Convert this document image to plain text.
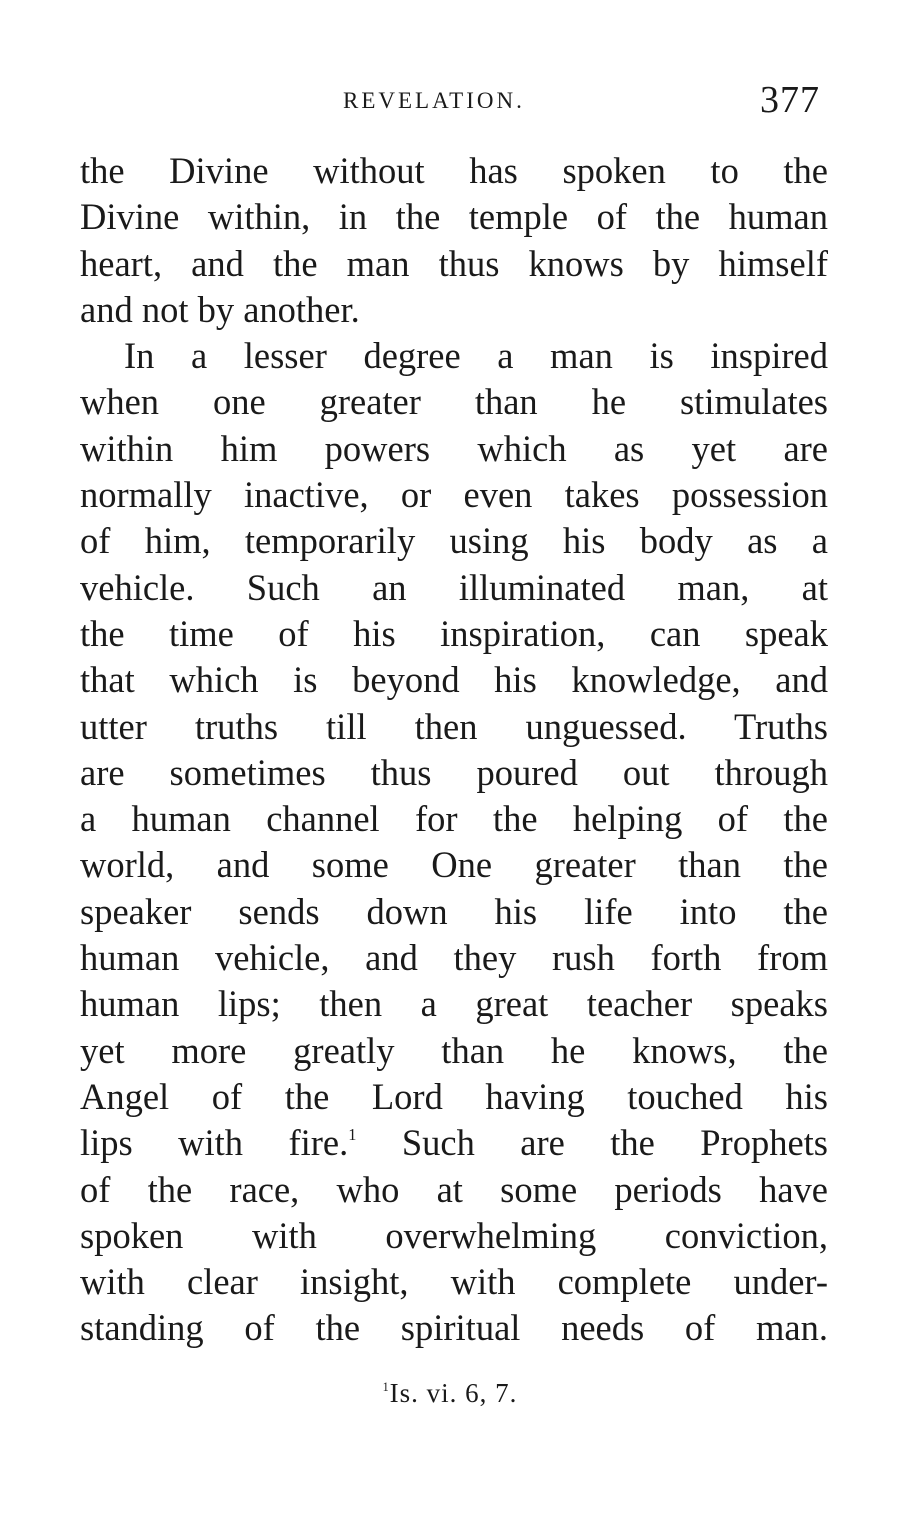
REVELATION.	377
the Divine without has spoken to the
Divine within, in the temple of the human
heart, and the man thus knows by himself
and not by another.
In a lesser degree a man is inspired
when one greater than he stimulates
within him powers which as yet are
normally inactive, or even takes possession
of him, temporarily using his body as a
vehicle. Such an illuminated man, at
the time of his inspiration, can speak
that which is beyond his knowledge, and
utter truths till then unguessed. Truths
are sometimes thus poured out through
a human channel for the helping of the
world, and some One greater than the
speaker sends down his life into the
human vehicle, and they rush forth from
human lips; then a great teacher speaks
yet more greatly than he knows, the
Angel of the Lord having touched his
lips with fire.$^1$ Such are the Prophets
of the race, who at some periods have
spoken with overwhelming conviction,
with clear insight, with complete under-
standing of the spiritual needs of man.
$^1$Is. vi. 6, 7.
